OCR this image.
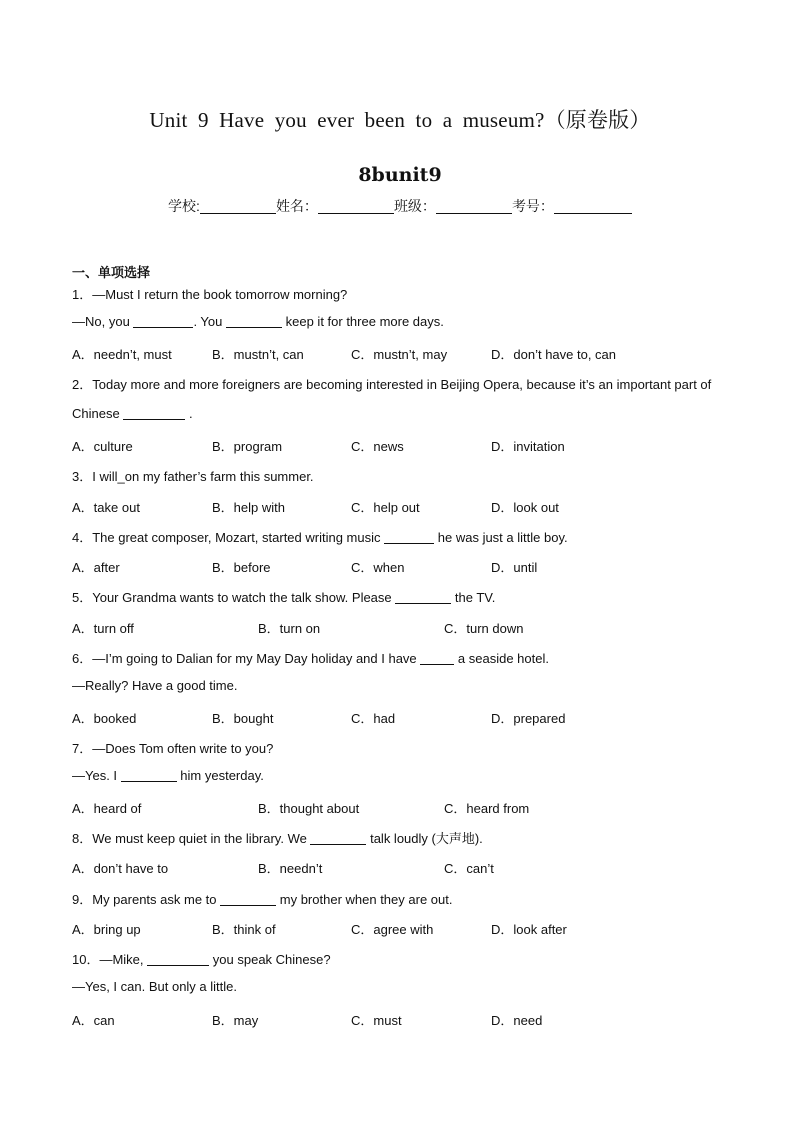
Unit 9 Have you ever been to a museum?（原卷版）
8bunit9
学校:	姓名：	班级：	考号：
一、单项选择
1．—Must I return the book tomorrow morning?
—No, you	. You	keep it for three more days.
A．needn’t, must	B．mustn’t, can	C．mustn’t, may	D．don’t have to, can
2．Today more and more foreigners are becoming interested in Beijing Opera, because it’s an important part of
Chinese	.
A．culture	B．program	C．news	D．invitation
3．I will_on my father’s farm this summer.
A．take out	B．help with	C．help out	D．look out
4．The great composer, Mozart, started writing music	he was just a little boy.
A．after	B．before	C．when	D．until
5．Your Grandma wants to watch the talk show. Please	the TV.
A．turn off	B．turn on	C．turn down
6．—I’m going to Dalian for my May Day holiday and I have	a seaside hotel.
—Really? Have a good time.
A．booked	B．bought	C．had	D．prepared
7．—Does Tom often write to you?
—Yes. I	him yesterday.
A．heard of	B．thought about	C．heard from
8．We must keep quiet in the library. We	talk loudly (大声地).
A．don’t have to	B．needn’t	C．can’t
9．My parents ask me to	my brother when they are out.
A．bring up	B．think of	C．agree with	D．look after
10．—Mike,	you speak Chinese?
—Yes, I can. But only a little.
A．can	B．may	C．must	D．need
